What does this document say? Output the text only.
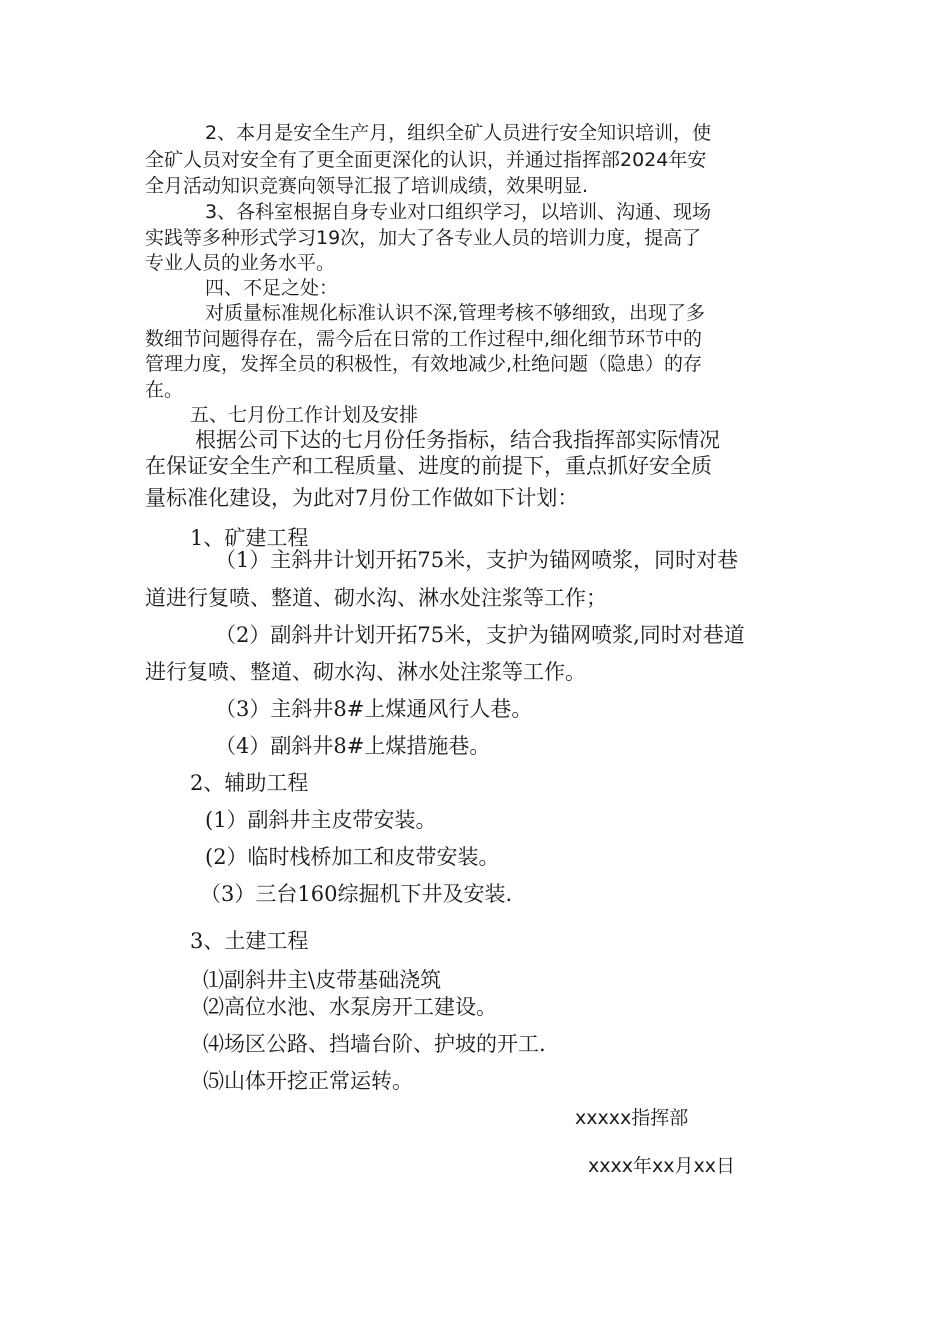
2、本月是安全生产月，组织全矿人员进行安全知识培训，使
全矿人员对安全有了更全面更深化的认识，并通过指挥部2024年安
全月活动知识竞赛向领导汇报了培训成绩，效果明显.
3、各科室根据自身专业对口组织学习，以培训、沟通、现场
实践等多种形式学习19次，加大了各专业人员的培训力度，提高了
专业人员的业务水平。
四、不足之处：
对质量标准规化标准认识不深,管理考核不够细致，出现了多
数细节问题得存在，需今后在日常的工作过程中,细化细节环节中的
管理力度，发挥全员的积极性，有效地减少,杜绝问题（隐患）的存
在。
五、七月份工作计划及安排
根据公司下达的七月份任务指标，结合我指挥部实际情况
在保证安全生产和工程质量、进度的前提下，重点抓好安全质
量标准化建设，为此对7月份工作做如下计划：
1、矿建工程
（1）主斜井计划开拓75米，支护为锚网喷浆，同时对巷
道进行复喷、整道、砌水沟、淋水处注浆等工作；
（2）副斜井计划开拓75米，支护为锚网喷浆,同时对巷道
进行复喷、整道、砌水沟、淋水处注浆等工作。
（3）主斜井8#上煤通风行人巷。
（4）副斜井8#上煤措施巷。
2、辅助工程
(1）副斜井主皮带安装。
(2）临时栈桥加工和皮带安装。
（3）三台160综掘机下井及安装.
3、土建工程
⑴副斜井主\皮带基础浇筑
⑵高位水池、水泵房开工建设。
⑷场区公路、挡墙台阶、护坡的开工.
⑸山体开挖正常运转。
xxxxx指挥部
xxxx年xx月xx日
